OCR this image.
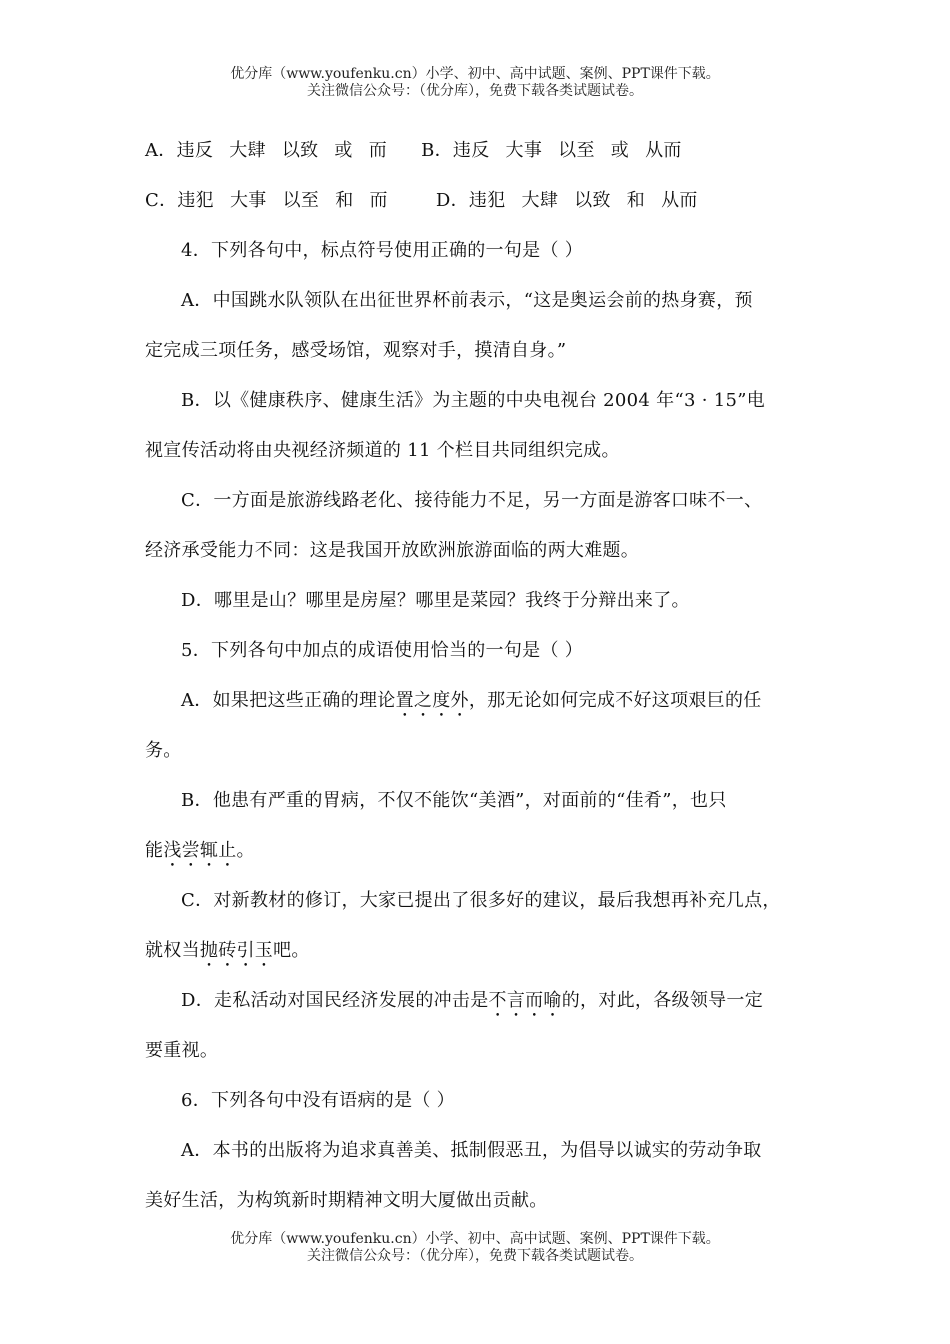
优分库（www.youfenku.cn）小学、初中、高中试题、案例、PPT课件下载。
关注微信公众号：（优分库），免费下载各类试题试卷。
A．违反 大肆 以致 或 而 B．违反 大事 以至 或 从而
C．违犯 大事 以至 和 而	D．违犯 大肆 以致 和 从而
4．下列各句中，标点符号使用正确的一句是（ ）
A．中国跳水队领队在出征世界杯前表示，“这是奥运会前的热身赛，预
定完成三项任务，感受场馆，观察对手，摸清自身。”
B．以《健康秩序、健康生活》为主题的中央电视台 2004 年“3 · 15”电
视宣传活动将由央视经济频道的 11 个栏目共同组织完成。
C．一方面是旅游线路老化、接待能力不足，另一方面是游客口味不一、
经济承受能力不同：这是我国开放欧洲旅游面临的两大难题。
D．哪里是山？哪里是房屋？哪里是菜园？我终于分辩出来了。
5．下列各句中加点的成语使用恰当的一句是（ ）
A．如果把这些正确的理论置之度外，那无论如何完成不好这项艰巨的任
务。
B．他患有严重的胃病，不仅不能饮“美酒”，对面前的“佳肴”，也只
能浅尝辄止。
C．对新教材的修订，大家已提出了很多好的建议，最后我想再补充几点，
就权当抛砖引玉吧。
D．走私活动对国民经济发展的冲击是不言而喻的，对此，各级领导一定
要重视。
6．下列各句中没有语病的是（ ）
A．本书的出版将为追求真善美、抵制假恶丑，为倡导以诚实的劳动争取
美好生活，为构筑新时期精神文明大厦做出贡献。
优分库（www.youfenku.cn）小学、初中、高中试题、案例、PPT课件下载。
关注微信公众号：（优分库），免费下载各类试题试卷。
